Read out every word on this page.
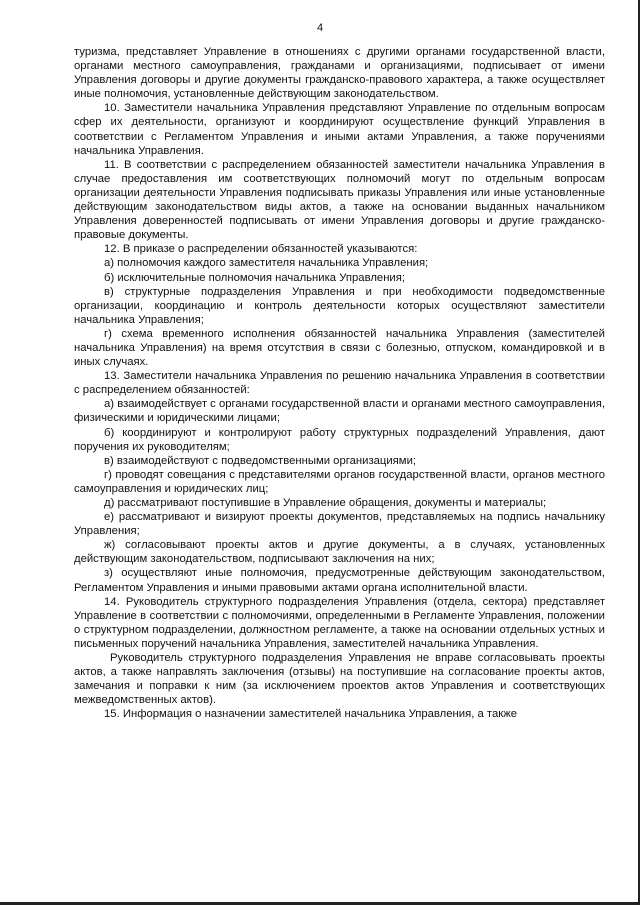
4

туризма, представляет Управление в отношениях с другими органами государственной власти, органами местного самоуправления, гражданами и организациями, подписывает от имени Управления договоры и другие документы гражданско-правового характера, а также осуществляет иные полномочия, установленные действующим законодательством.

10. Заместители начальника Управления представляют Управление по отдельным вопросам сфер их деятельности, организуют и координируют осуществление функций Управления в соответствии с Регламентом Управления и иными актами Управления, а также поручениями начальника Управления.

11. В соответствии с распределением обязанностей заместители начальника Управления в случае предоставления им соответствующих полномочий могут по отдельным вопросам организации деятельности Управления подписывать приказы Управления или иные установленные действующим законодательством виды актов, а также на основании выданных начальником Управления доверенностей подписывать от имени Управления договоры и другие гражданско-правовые документы.

12. В приказе о распределении обязанностей указываются:

а) полномочия каждого заместителя начальника Управления;

б) исключительные полномочия начальника Управления;

в) структурные подразделения Управления и при необходимости подведомственные организации, координацию и контроль деятельности которых осуществляют заместители начальника Управления;

г) схема временного исполнения обязанностей начальника Управления (заместителей начальника Управления) на время отсутствия в связи с болезнью, отпуском, командировкой и в иных случаях.

13. Заместители начальника Управления по решению начальника Управления в соответствии с распределением обязанностей:

а) взаимодействует с органами государственной власти и органами местного самоуправления, физическими и юридическими лицами;

б) координируют и контролируют работу структурных подразделений Управления, дают поручения их руководителям;

в) взаимодействуют с подведомственными организациями;

г) проводят совещания с представителями органов государственной власти, органов местного самоуправления и юридических лиц;

д) рассматривают поступившие в Управление обращения, документы и материалы;

е) рассматривают и визируют проекты документов, представляемых на подпись начальнику Управления;

ж) согласовывают проекты актов и другие документы, а в случаях, установленных действующим законодательством, подписывают заключения на них;

з) осуществляют иные полномочия, предусмотренные действующим законодательством, Регламентом Управления и иными правовыми актами органа исполнительной власти.

14. Руководитель структурного подразделения Управления (отдела, сектора) представляет Управление в соответствии с полномочиями, определенными в Регламенте Управления, положении о структурном подразделении, должностном регламенте, а также на основании отдельных устных и письменных поручений начальника Управления, заместителей начальника Управления.

Руководитель структурного подразделения Управления не вправе согласовывать проекты актов, а также направлять заключения (отзывы) на поступившие на согласование проекты актов, замечания и поправки к ним (за исключением проектов актов Управления и соответствующих межведомственных актов).

15. Информация о назначении заместителей начальника Управления, а также
